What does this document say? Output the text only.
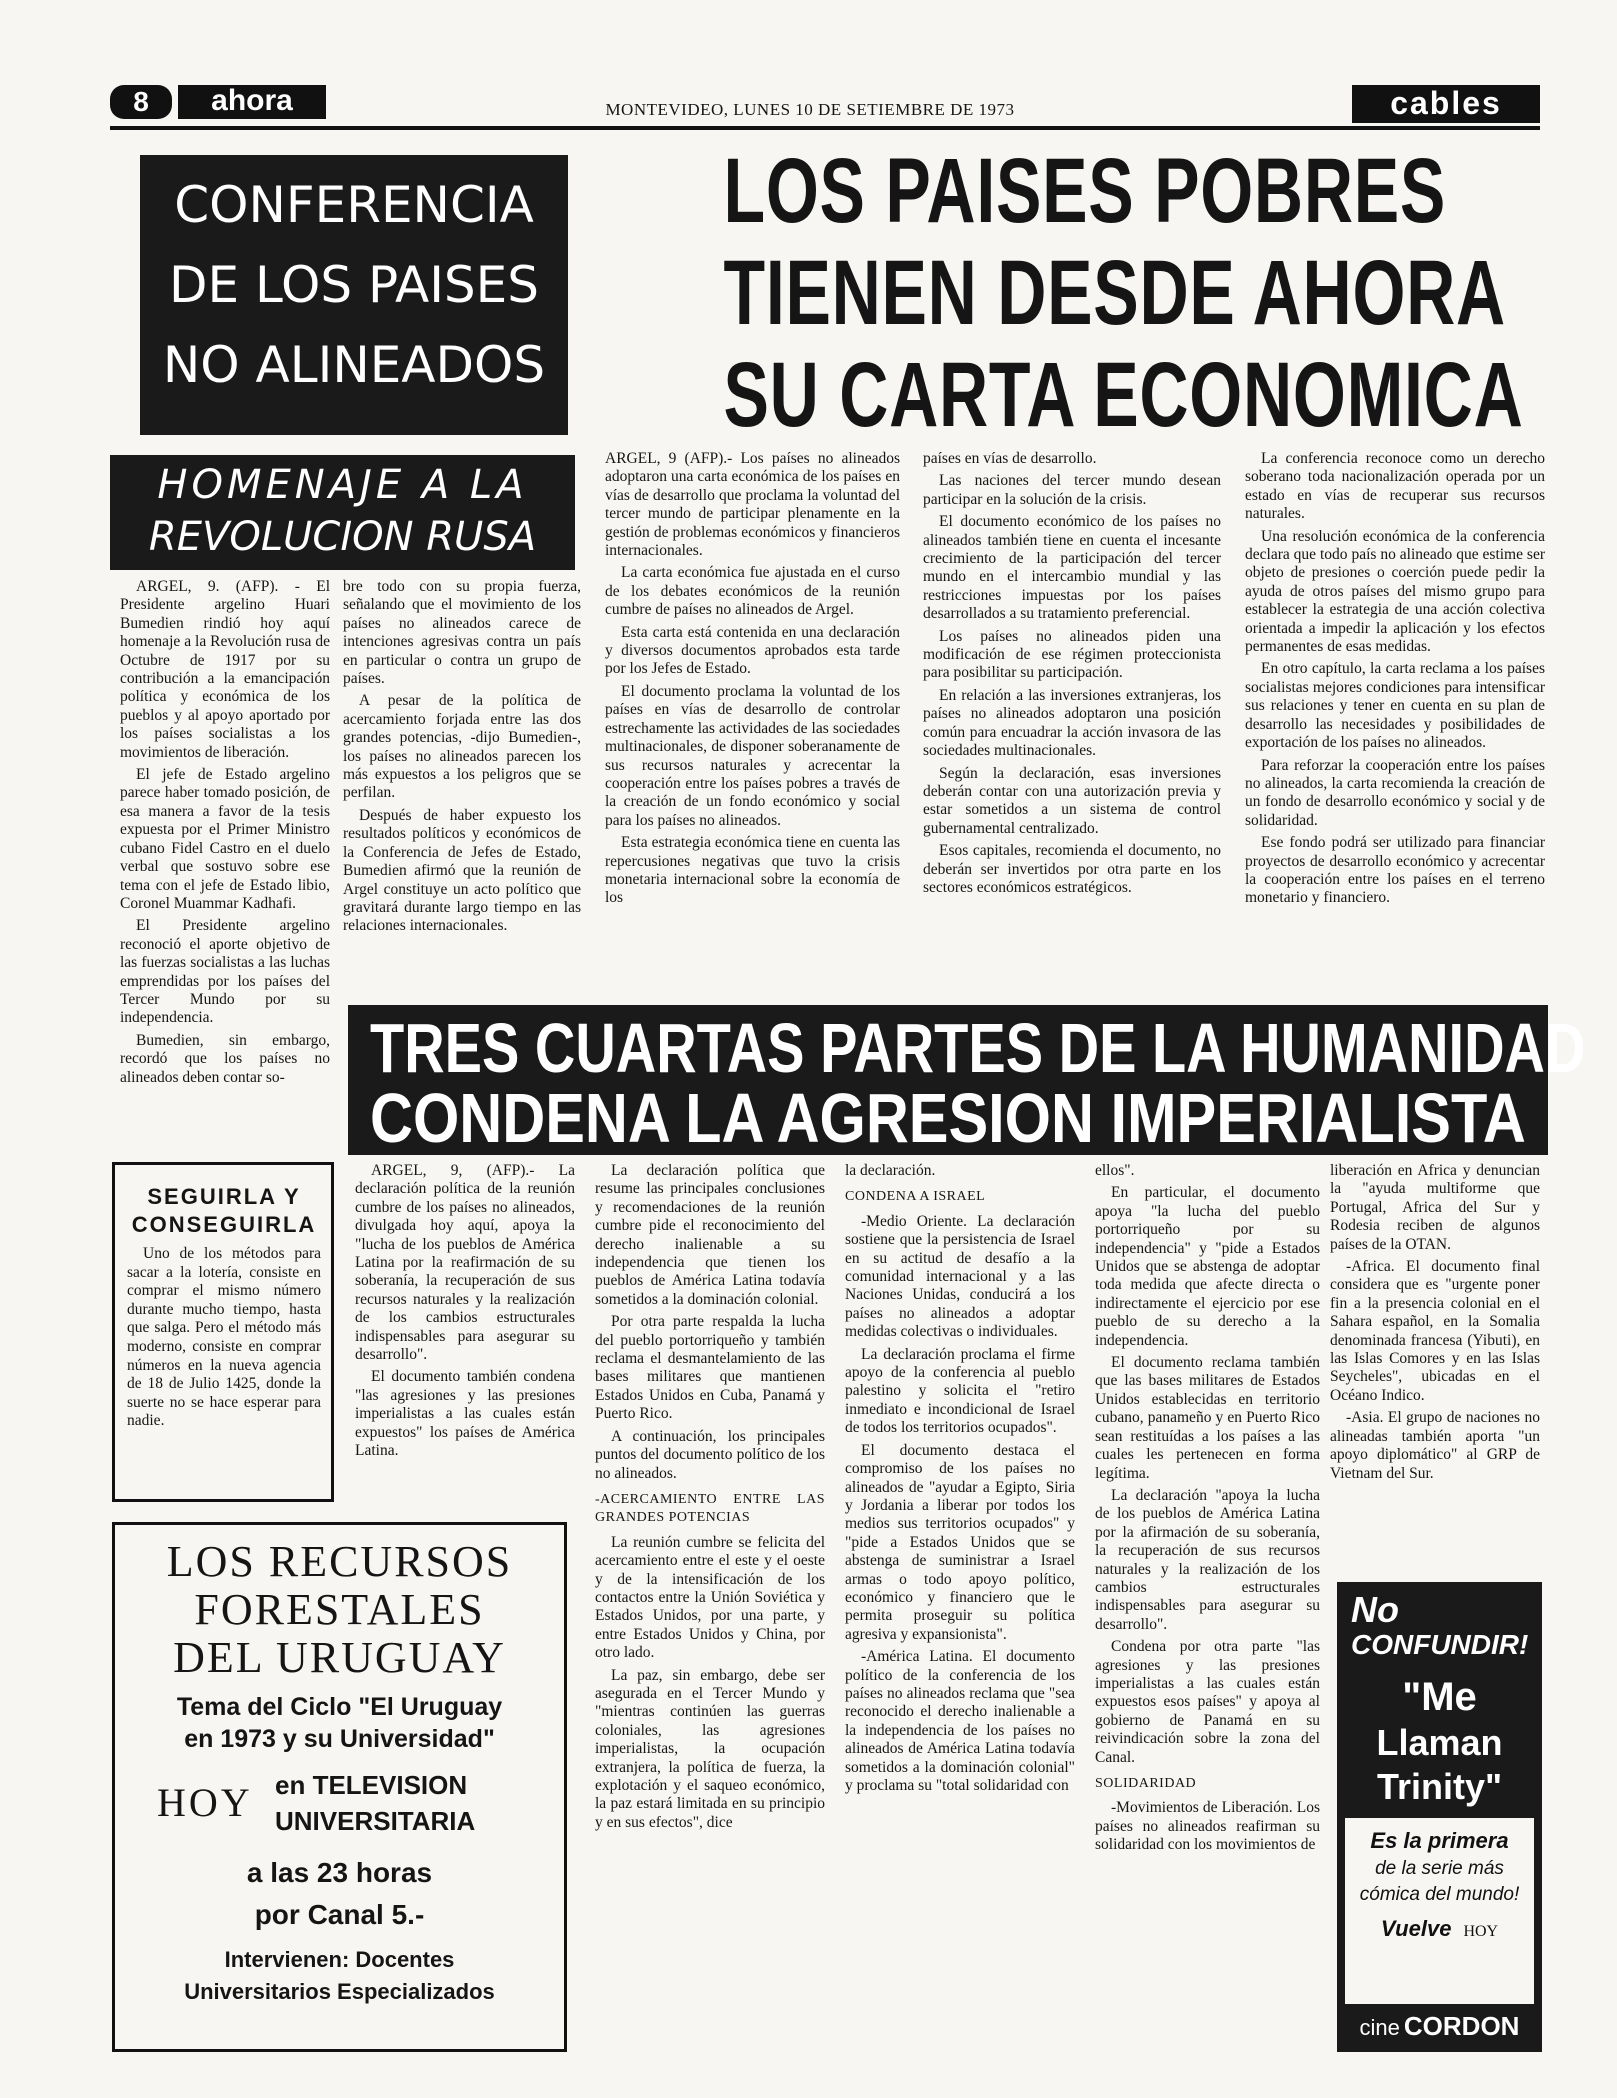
8	ahora	MONTEVIDEO, LUNES 10 DE SETIEMBRE DE 1973	cables
CONFERENCIA
DE LOS PAISES
NO ALINEADOS
HOMENAJE A LA
REVOLUCION RUSA

ARGEL, 9. (AFP). - El Presidente argelino Huari Bumedien rindió hoy aquí homenaje a la Revolución rusa de Octubre de 1917 por su contribución a la emancipación política y económica de los pueblos y al apoyo aportado por los países socialistas a los movimientos de liberación.

El jefe de Estado argelino parece haber tomado posición, de esa manera a favor de la tesis expuesta por el Primer Ministro cubano Fidel Castro en el duelo verbal que sostuvo sobre ese tema con el jefe de Estado libio, Coronel Muammar Kadhafi.

El Presidente argelino reconoció el aporte objetivo de las fuerzas socialistas a las luchas emprendidas por los países del Tercer Mundo por su independencia.

Bumedien, sin embargo, recordó que los países no alineados deben contar so-

bre todo con su propia fuerza, señalando que el movimiento de los países no alineados carece de intenciones agresivas contra un país en particular o contra un grupo de países.

A pesar de la política de acercamiento forjada entre las dos grandes potencias, -dijo Bumedien-, los países no alineados parecen los más expuestos a los peligros que se perfilan.

Después de haber expuesto los resultados políticos y económicos de la Conferencia de Jefes de Estado, Bumedien afirmó que la reunión de Argel constituye un acto político que gravitará durante largo tiempo en las relaciones internacionales.

LOS PAISES POBRES
TIENEN DESDE AHORA
SU CARTA ECONOMICA

ARGEL, 9 (AFP).- Los países no alineados adoptaron una carta económica de los países en vías de desarrollo que proclama la voluntad del tercer mundo de participar plenamente en la gestión de problemas económicos y financieros internacionales.

La carta económica fue ajustada en el curso de los debates económicos de la reunión cumbre de países no alineados de Argel.

Esta carta está contenida en una declaración y diversos documentos aprobados esta tarde por los Jefes de Estado.

El documento proclama la voluntad de los países en vías de desarrollo de controlar estrechamente las actividades de las sociedades multinacionales, de disponer soberanamente de sus recursos naturales y acrecentar la cooperación entre los países pobres a través de la creación de un fondo económico y social para los países no alineados.

Esta estrategia económica tiene en cuenta las repercusiones negativas que tuvo la crisis monetaria internacional sobre la economía de los

países en vías de desarrollo.

Las naciones del tercer mundo desean participar en la solución de la crisis.

El documento económico de los países no alineados también tiene en cuenta el incesante crecimiento de la participación del tercer mundo en el intercambio mundial y las restricciones impuestas por los países desarrollados a su tratamiento preferencial.

Los países no alineados piden una modificación de ese régimen proteccionista para posibilitar su participación.

En relación a las inversiones extranjeras, los países no alineados adoptaron una posición común para encuadrar la acción invasora de las sociedades multinacionales.

Según la declaración, esas inversiones deberán contar con una autorización previa y estar sometidos a un sistema de control gubernamental centralizado.

Esos capitales, recomienda el documento, no deberán ser invertidos por otra parte en los sectores económicos estratégicos.

La conferencia reconoce como un derecho soberano toda nacionalización operada por un estado en vías de recuperar sus recursos naturales.

Una resolución económica de la conferencia declara que todo país no alineado que estime ser objeto de presiones o coerción puede pedir la ayuda de otros países del mismo grupo para establecer la estrategia de una acción colectiva orientada a impedir la aplicación y los efectos permanentes de esas medidas.

En otro capítulo, la carta reclama a los países socialistas mejores condiciones para intensificar sus relaciones y tener en cuenta en su plan de desarrollo las necesidades y posibilidades de exportación de los países no alineados.

Para reforzar la cooperación entre los países no alineados, la carta recomienda la creación de un fondo de desarrollo económico y social y de solidaridad.

Ese fondo podrá ser utilizado para financiar proyectos de desarrollo económico y acrecentar la cooperación entre los países en el terreno monetario y financiero.

TRES CUARTAS PARTES DE LA HUMANIDAD
CONDENA LA AGRESION IMPERIALISTA

ARGEL, 9, (AFP).- La declaración política de la reunión cumbre de los países no alineados, divulgada hoy aquí, apoya la "lucha de los pueblos de América Latina por la reafirmación de su soberanía, la recuperación de sus recursos naturales y la realización de los cambios estructurales indispensables para asegurar su desarrollo".

El documento también condena "las agresiones y las presiones imperialistas a las cuales están expuestos" los países de América Latina.

La declaración política que resume las principales conclusiones y recomendaciones de la reunión cumbre pide el reconocimiento del derecho inalienable a su independencia que tienen los pueblos de América Latina todavía sometidos a la dominación colonial.

Por otra parte respalda la lucha del pueblo portorriqueño y también reclama el desmantelamiento de las bases militares que mantienen Estados Unidos en Cuba, Panamá y Puerto Rico.

A continuación, los principales puntos del documento político de los no alineados.

-ACERCAMIENTO ENTRE LAS GRANDES POTENCIAS

La reunión cumbre se felicita del acercamiento entre el este y el oeste y de la intensificación de los contactos entre la Unión Soviética y Estados Unidos, por una parte, y entre Estados Unidos y China, por otro lado.

La paz, sin embargo, debe ser asegurada en el Tercer Mundo y "mientras continúen las guerras coloniales, las agresiones imperialistas, la ocupación extranjera, la política de fuerza, la explotación y el saqueo económico, la paz estará limitada en su principio y en sus efectos", dice

la declaración.

CONDENA A ISRAEL

-Medio Oriente. La declaración sostiene que la persistencia de Israel en su actitud de desafío a la comunidad internacional y a las Naciones Unidas, conducirá a los países no alineados a adoptar medidas colectivas o individuales.

La declaración proclama el firme apoyo de la conferencia al pueblo palestino y solicita el "retiro inmediato e incondicional de Israel de todos los territorios ocupados".

El documento destaca el compromiso de los países no alineados de "ayudar a Egipto, Siria y Jordania a liberar por todos los medios sus territorios ocupados" y "pide a Estados Unidos que se abstenga de suministrar a Israel armas o todo apoyo político, económico y financiero que le permita proseguir su política agresiva y expansionista".

-América Latina. El documento político de la conferencia de los países no alineados reclama que "sea reconocido el derecho inalienable a la independencia de los países no alineados de América Latina todavía sometidos a la dominación colonial" y proclama su "total solidaridad con

ellos".

En particular, el documento apoya "la lucha del pueblo portorriqueño por su independencia" y "pide a Estados Unidos que se abstenga de adoptar toda medida que afecte directa o indirectamente el ejercicio por ese pueblo de su derecho a la independencia.

El documento reclama también que las bases militares de Estados Unidos establecidas en territorio cubano, panameño y en Puerto Rico sean restituídas a los países a las cuales les pertenecen en forma legítima.

La declaración "apoya la lucha de los pueblos de América Latina por la afirmación de su soberanía, la recuperación de sus recursos naturales y la realización de los cambios estructurales indispensables para asegurar su desarrollo".

Condena por otra parte "las agresiones y las presiones imperialistas a las cuales están expuestos esos países" y apoya al gobierno de Panamá en su reivindicación sobre la zona del Canal.

SOLIDARIDAD

-Movimientos de Liberación. Los países no alineados reafirman su solidaridad con los movimientos de

liberación en Africa y denuncian la "ayuda multiforme que Portugal, Africa del Sur y Rodesia reciben de algunos países de la OTAN.

-Africa. El documento final considera que es "urgente poner fin a la presencia colonial en el Sahara español, en la Somalia denominada francesa (Yibuti), en las Islas Comores y en las Islas Seycheles", ubicadas en el Océano Indico.

-Asia. El grupo de naciones no alineadas también aporta "un apoyo diplomático" al GRP de Vietnam del Sur.

SEGUIRLA Y
CONSEGUIRLA
Uno de los métodos para sacar a la lotería, consiste en comprar el mismo número durante mucho tiempo, hasta que salga. Pero el método más moderno, consiste en comprar números en la nueva agencia de 18 de Julio 1425, donde la suerte no se hace esperar para nadie.
LOS RECURSOS
FORESTALES
DEL URUGUAY
Tema del Ciclo "El Uruguay
en 1973 y su Universidad"
HOY en TELEVISION
UNIVERSITARIA
a las 23 horas
por Canal 5.-
Intervienen: Docentes
Universitarios Especializados
No
CONFUNDIR!
"Me
Llaman
Trinity"
Es la primera
de la serie más
cómica del mundo!
Vuelve HOY
cine CORDON
